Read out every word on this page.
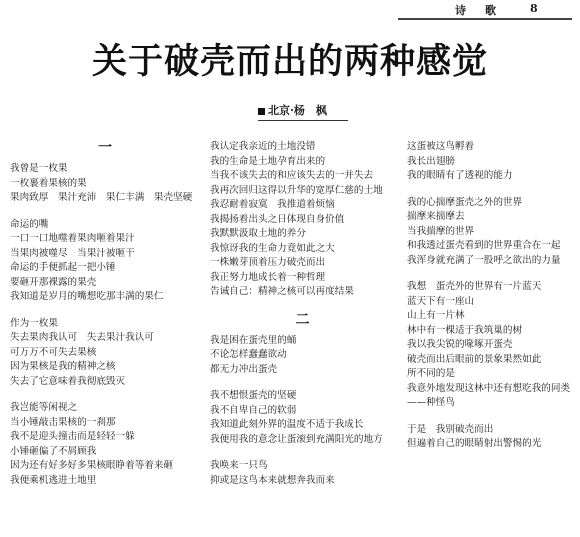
诗　歌	8
关于破壳而出的两种感觉
北京·杨　枫
一
我曾是一枚果
一枚裹着果核的果
果肉致厚　果汁充沛　果仁丰满　果壳坚硬
命运的嘴
一口一口地噬着果肉咂着果汁
当果肉被噬尽　当果汁被咂干
命运的手便抓起一把小锤
要砸开那裸露的果壳
我知道是岁月的嘴想吃那丰满的果仁
作为一枚果
失去果肉我认可　失去果汁我认可
可万万不可失去果核
因为果核是我的精神之核
失去了它意味着我彻底毁灭
我岂能等闲视之
当小锤敲击果核的一刹那
我不是迎头撞击而是轻轻一躲
小锤砸偏了不屑顾我
因为还有好多好多果核眼睁着等着来砸
我便乘机逃进土地里
我认定我亲近的土地没错
我的生命是土地孕育出来的
当我不该失去的和应该失去的一并失去
我再次回归这得以升华的宽厚仁慈的土地
我忍耐着寂寞　我推道着烦恼
我揭扬着出头之日体现自身价值
我默默汲取土地的养分
我惊讶我的生命力竟如此之大
一株嫩芽顶着压力破壳而出
我正努力地成长着一种哲理
告诫自己：精神之核可以再度结果
二
我是困在蛋壳里的蛹
不论怎样蠢蠢欲动
都无力冲出蛋壳
我不想恨蛋壳的坚硬
我不自卑自己的软弱
我知道此刻外界的温度不适于我成长
我便用我的意念让蛋滚到充满阳光的地方
我唤来一只鸟
抑或是这鸟本来就想奔我而来
这蛋被这鸟孵着
我长出翅膀
我的眼睛有了透视的能力
我的心揣摩蛋壳之外的世界
揣摩来揣摩去
当我揣摩的世界
和我透过蛋壳看到的世界重合在一起
我浑身就充满了一股呼之欲出的力量
我想　蛋壳外的世界有一片蓝天
蓝天下有一座山
山上有一片林
林中有一棵适于我筑巢的树
我以我尖锐的喙啄开蛋壳
破壳而出后眼前的景象果然如此
所不同的是
我意外地发现这林中还有想吃我的同类
——种怪鸟
于是　我别破壳而出
但遍着自己的眼睛射出警惕的光
